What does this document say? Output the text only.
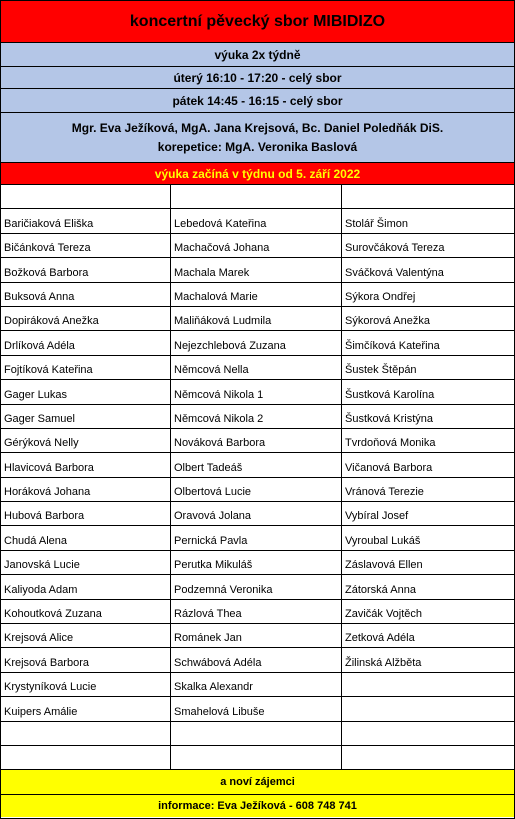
koncertní pěvecký sbor MIBIDIZO
výuka 2x týdně
úterý 16:10 - 17:20 - celý sbor
pátek 14:45 - 16:15 - celý sbor
Mgr. Eva Ježíková, MgA. Jana Krejsová, Bc. Daniel Poledňák DiS.
korepetice: MgA. Veronika Baslová
výuka začíná v týdnu od 5. září 2022
Baričiaková Eliška	Lebedová Kateřina	Stolář Šimon
Bičánková Tereza	Machačová Johana	Surovčáková Tereza
Božková Barbora	Machala Marek	Sváčková Valentýna
Buksová Anna	Machalová Marie	Sýkora Ondřej
Dopiráková Anežka	Maliňáková Ludmila	Sýkorová Anežka
Drlíková Adéla	Nejezchlebová Zuzana	Šimčíková Kateřina
Fojtíková Kateřina	Němcová Nella	Šustek Štěpán
Gager Lukas	Němcová Nikola 1	Šustková Karolína
Gager Samuel	Němcová Nikola 2	Šustková Kristýna
Gérýková Nelly	Nováková Barbora	Tvrdoňová Monika
Hlavicová Barbora	Olbert Tadeáš	Vičanová Barbora
Horáková Johana	Olbertová Lucie	Vránová Terezie
Hubová Barbora	Oravová Jolana	Vybíral Josef
Chudá Alena	Pernická Pavla	Vyroubal Lukáš
Janovská Lucie	Perutka Mikuláš	Záslavová Ellen
Kaliyoda Adam	Podzemná Veronika	Zátorská Anna
Kohoutková Zuzana	Rázlová Thea	Zavičák Vojtěch
Krejsová Alice	Románek Jan	Zetková Adéla
Krejsová Barbora	Schwábová Adéla	Žilinská Alžběta
Krystyníková Lucie	Skalka Alexandr
Kuipers Amálie	Smahelová Libuše
a noví zájemci
informace: Eva Ježíková - 608 748 741
